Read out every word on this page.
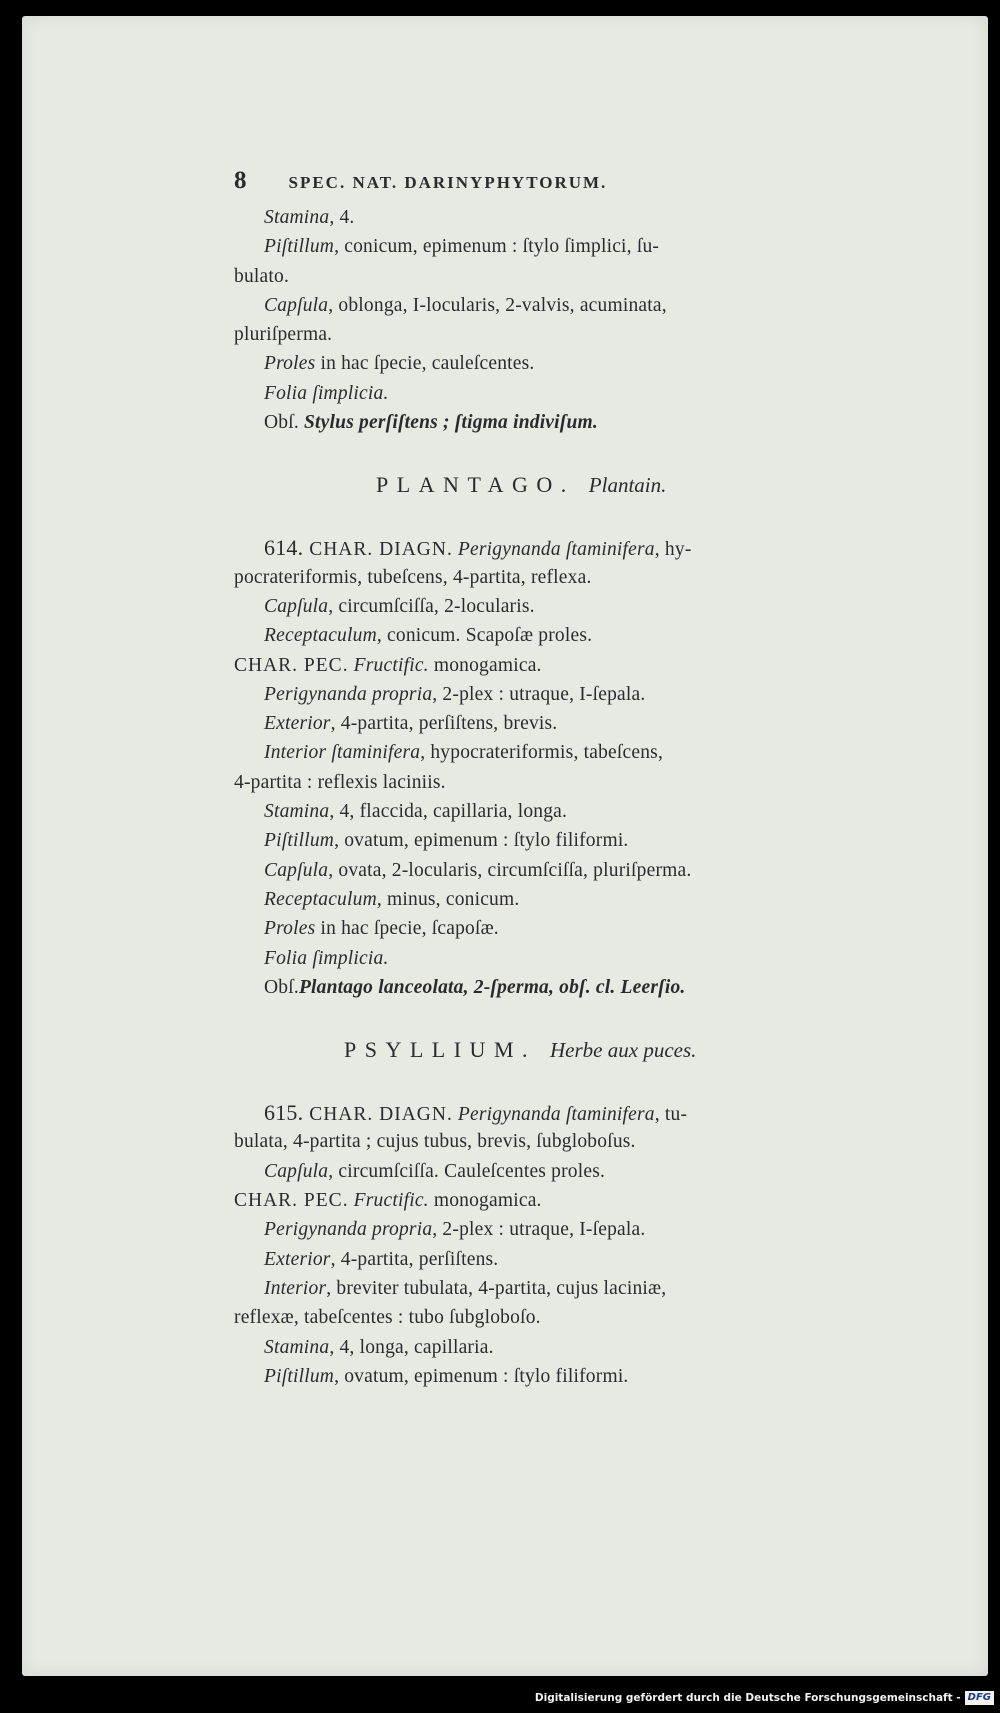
8 SPEC. NAT. DARINYPHYTORUM.
Stamina, 4.
Piſtillum, conicum, epimenum : ſtylo ſimplici, ſu-
bulato.
Capſula, oblonga, I-locularis, 2-valvis, acuminata,
pluriſperma.
Proles in hac ſpecie, cauleſcentes.
Folia ſimplicia.
Obſ. Stylus perſiſtens ; ſtigma indiviſum.
PLANTAGO. Plantain.
614. CHAR. DIAGN. Perigynanda ſtaminifera, hy-
pocrateriformis, tubeſcens, 4-partita, reflexa.
Capſula, circumſciſſa, 2-locularis.
Receptaculum, conicum. Scapoſæ proles.
CHAR. PEC. Fructific. monogamica.
Perigynanda propria, 2-plex : utraque, I-ſepala.
Exterior, 4-partita, perſiſtens, brevis.
Interior ſtaminifera, hypocrateriformis, tabeſcens,
4-partita : reflexis laciniis.
Stamina, 4, flaccida, capillaria, longa.
Piſtillum, ovatum, epimenum : ſtylo filiformi.
Capſula, ovata, 2-locularis, circumſciſſa, pluriſperma.
Receptaculum, minus, conicum.
Proles in hac ſpecie, ſcapoſæ.
Folia ſimplicia.
Obſ.Plantago lanceolata, 2-ſperma, obſ. cl. Leerſio.
PSYLLIUM. Herbe aux puces.
615. CHAR. DIAGN. Perigynanda ſtaminifera, tu-
bulata, 4-partita ; cujus tubus, brevis, ſubgloboſus.
Capſula, circumſciſſa. Cauleſcentes proles.
CHAR. PEC. Fructific. monogamica.
Perigynanda propria, 2-plex : utraque, I-ſepala.
Exterior, 4-partita, perſiſtens.
Interior, breviter tubulata, 4-partita, cujus laciniæ,
reflexæ, tabeſcentes : tubo ſubgloboſo.
Stamina, 4, longa, capillaria.
Piſtillum, ovatum, epimenum : ſtylo filiformi.
Digitalisierung gefördert durch die Deutsche Forschungsgemeinschaft - DFG
